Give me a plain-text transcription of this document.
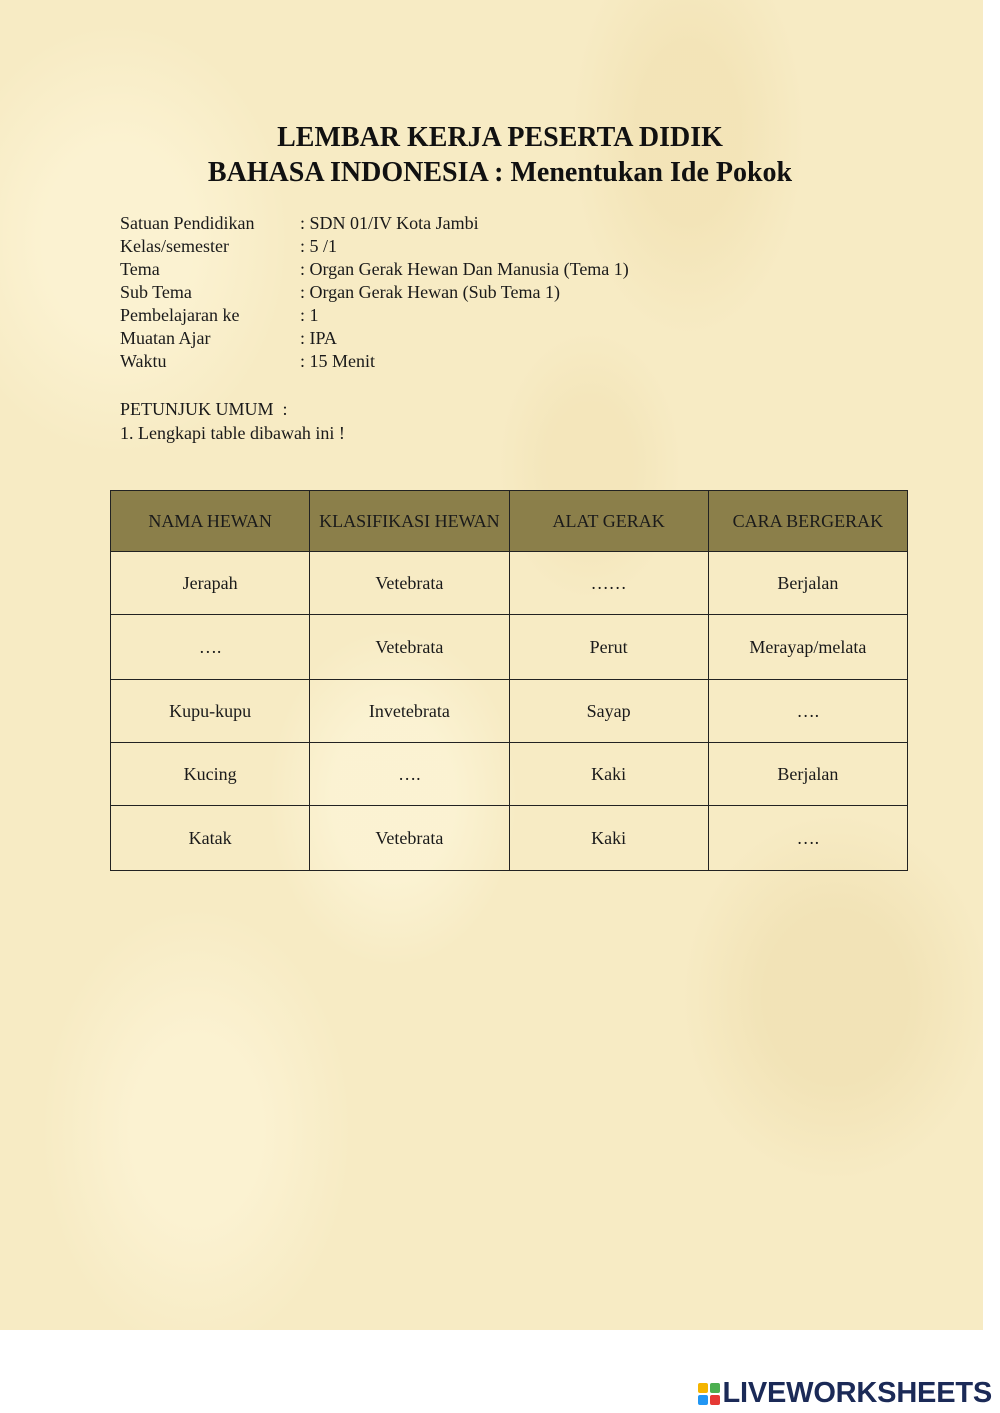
LEMBAR KERJA PESERTA DIDIK
BAHASA INDONESIA : Menentukan Ide Pokok
Satuan Pendidikan	: SDN 01/IV Kota Jambi
Kelas/semester	: 5 /1
Tema	: Organ Gerak Hewan Dan Manusia (Tema 1)
Sub Tema	: Organ Gerak Hewan (Sub Tema 1)
Pembelajaran ke	: 1
Muatan Ajar	: IPA
Waktu	: 15 Menit
PETUNJUK UMUM  :
1. Lengkapi table dibawah ini !
NAMA HEWAN	KLASIFIKASI HEWAN	ALAT GERAK	CARA BERGERAK
Jerapah	Vetebrata	……	Berjalan
….	Vetebrata	Perut	Merayap/melata
Kupu-kupu	Invetebrata	Sayap	….
Kucing	….	Kaki	Berjalan
Katak	Vetebrata	Kaki	….
LIVEWORKSHEETS
